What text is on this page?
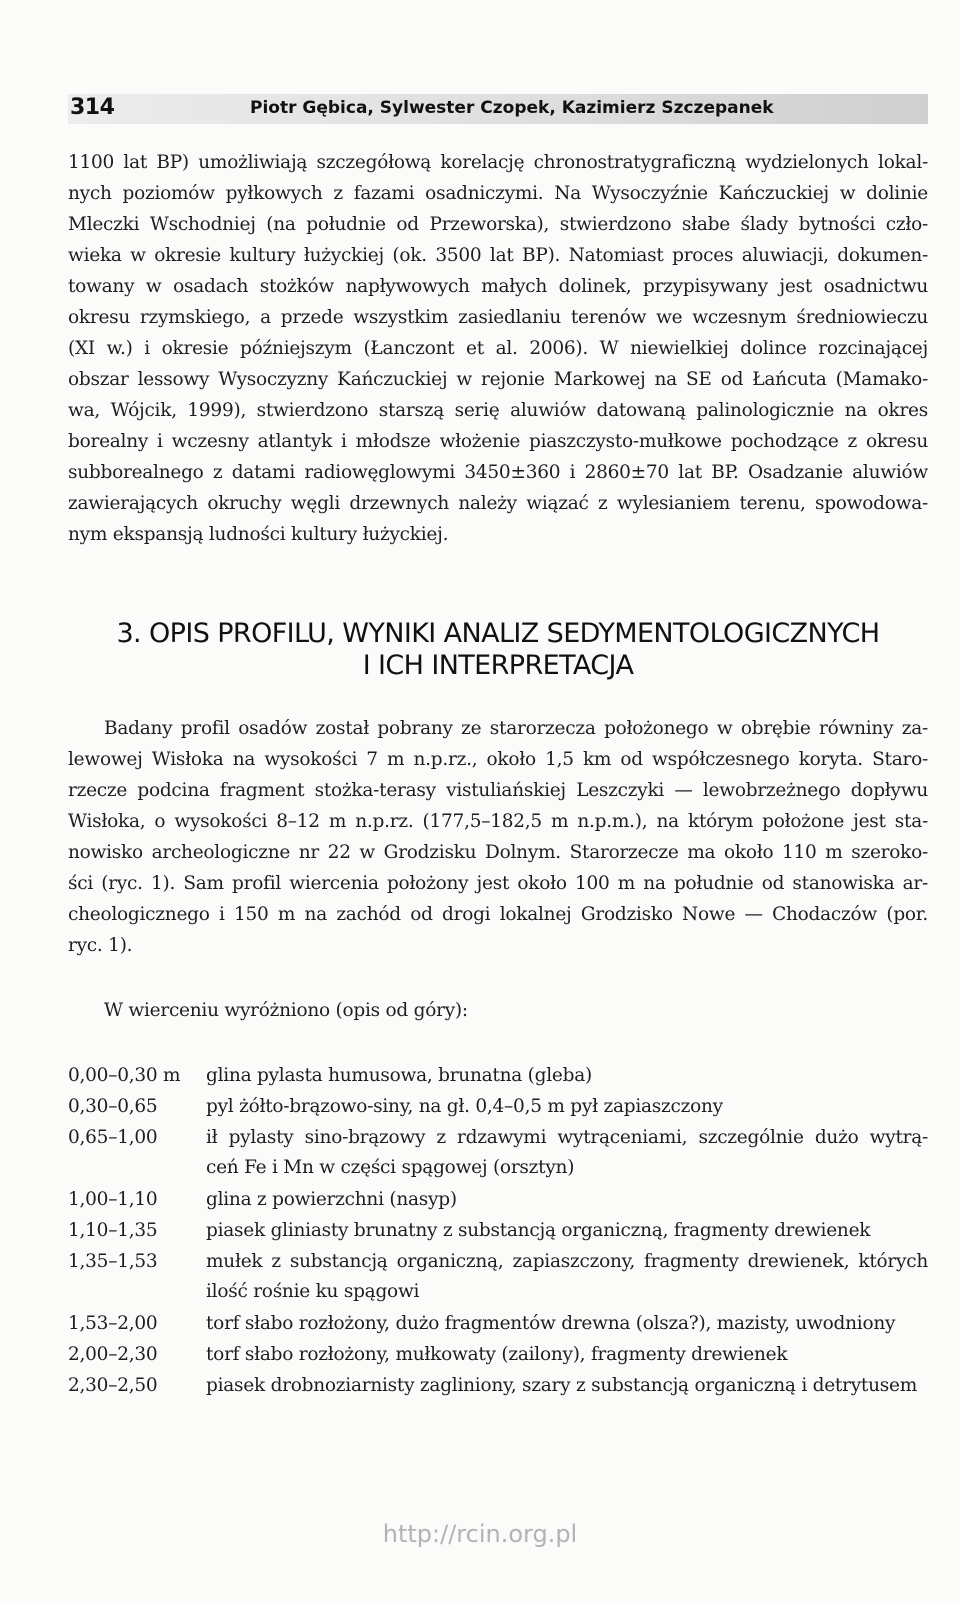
314	Piotr Gębica, Sylwester Czopek, Kazimierz Szczepanek
1100 lat BP) umożliwiają szczegółową korelację chronostratygraficzną wydzielonych lokal-
nych poziomów pyłkowych z fazami osadniczymi. Na Wysoczyźnie Kańczuckiej w dolinie
Mleczki Wschodniej (na południe od Przeworska), stwierdzono słabe ślady bytności czło-
wieka w okresie kultury łużyckiej (ok. 3500 lat BP). Natomiast proces aluwiacji, dokumen-
towany w osadach stożków napływowych małych dolinek, przypisywany jest osadnictwu
okresu rzymskiego, a przede wszystkim zasiedlaniu terenów we wczesnym średniowieczu
(XI w.) i okresie późniejszym (Łanczont et al. 2006). W niewielkiej dolince rozcinającej
obszar lessowy Wysoczyzny Kańczuckiej w rejonie Markowej na SE od Łańcuta (Mamako-
wa, Wójcik, 1999), stwierdzono starszą serię aluwiów datowaną palinologicznie na okres
borealny i wczesny atlantyk i młodsze włożenie piaszczysto-mułkowe pochodzące z okresu
subborealnego z datami radiowęglowymi 3450±360 i 2860±70 lat BP. Osadzanie aluwiów
zawierających okruchy węgli drzewnych należy wiązać z wylesianiem terenu, spowodowa-
nym ekspansją ludności kultury łużyckiej.
3. OPIS PROFILU, WYNIKI ANALIZ SEDYMENTOLOGICZNYCH
I ICH INTERPRETACJA
Badany profil osadów został pobrany ze starorzecza położonego w obrębie równiny za-
lewowej Wisłoka na wysokości 7 m n.p.rz., około 1,5 km od współczesnego koryta. Staro-
rzecze podcina fragment stożka-terasy vistuliańskiej Leszczyki — lewobrzeżnego dopływu
Wisłoka, o wysokości 8–12 m n.p.rz. (177,5–182,5 m n.p.m.), na którym położone jest sta-
nowisko archeologiczne nr 22 w Grodzisku Dolnym. Starorzecze ma około 110 m szeroko-
ści (ryc. 1). Sam profil wiercenia położony jest około 100 m na południe od stanowiska ar-
cheologicznego i 150 m na zachód od drogi lokalnej Grodzisko Nowe — Chodaczów (por.
ryc. 1).
W wierceniu wyróżniono (opis od góry):
0,00–0,30 m glina pylasta humusowa, brunatna (gleba)
0,30–0,65	pyl żółto-brązowo-siny, na gł. 0,4–0,5 m pył zapiaszczony
0,65–1,00	ił pylasty sino-brązowy z rdzawymi wytrąceniami, szczególnie dużo wytrą-
ceń Fe i Mn w części spągowej (orsztyn)
1,00–1,10	glina z powierzchni (nasyp)
1,10–1,35	piasek gliniasty brunatny z substancją organiczną, fragmenty drewienek
1,35–1,53	mułek z substancją organiczną, zapiaszczony, fragmenty drewienek, których
ilość rośnie ku spągowi
1,53–2,00	torf słabo rozłożony, dużo fragmentów drewna (olsza?), mazisty, uwodniony
2,00–2,30	torf słabo rozłożony, mułkowaty (zailony), fragmenty drewienek
2,30–2,50	piasek drobnoziarnisty zagliniony, szary z substancją organiczną i detrytusem
http://rcin.org.pl
